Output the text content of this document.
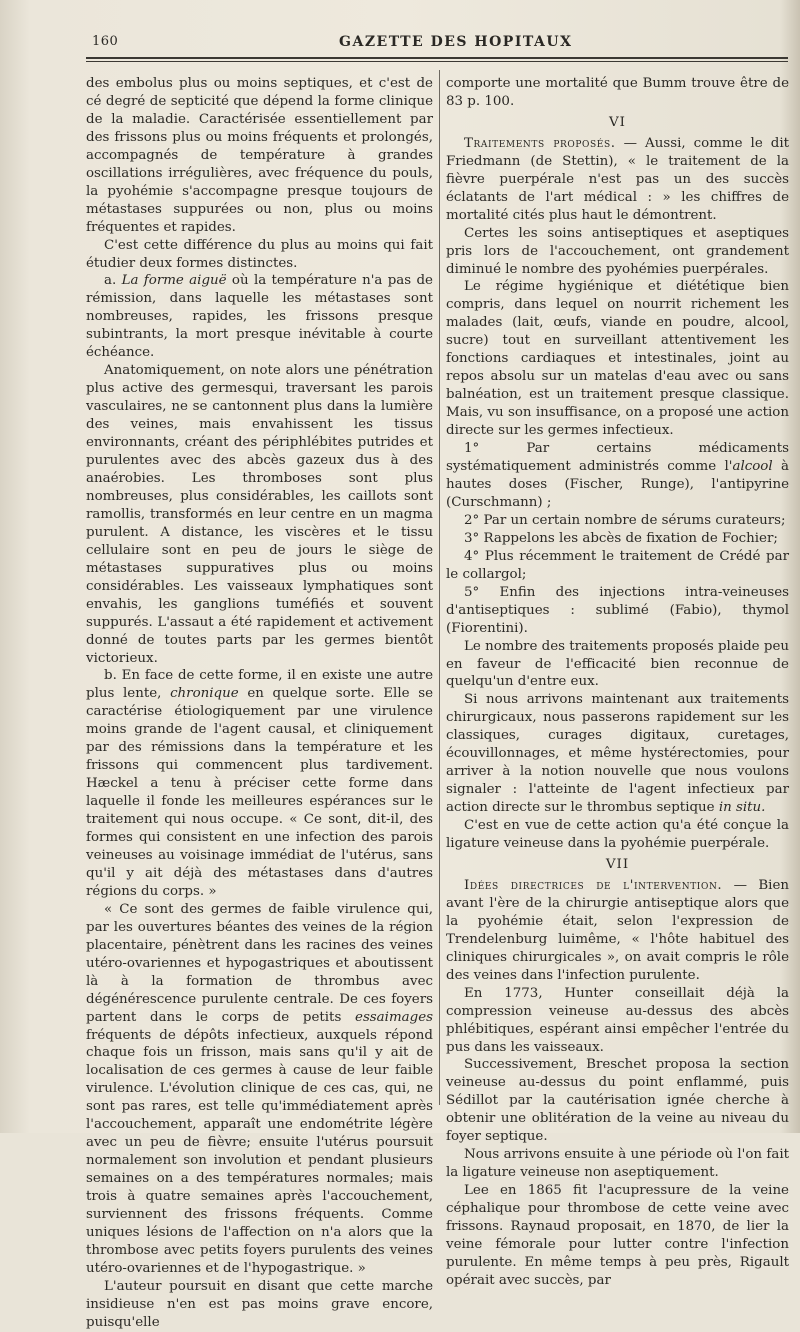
160	GAZETTE DES HOPITAUX

des embolus plus ou moins septiques, et c'est de cé degré de septicité que dépend la forme clinique de la maladie. Caractérisée essentiellement par des frissons plus ou moins fréquents et prolongés, accompagnés de température à grandes oscillations irrégulières, avec fréquence du pouls, la pyohémie s'accompagne presque toujours de métastases suppurées ou non, plus ou moins fréquentes et rapides.

C'est cette différence du plus au moins qui fait étudier deux formes distinctes.

a. La forme aiguë où la température n'a pas de rémission, dans laquelle les métastases sont nombreuses, rapides, les frissons presque subintrants, la mort presque inévitable à courte échéance.

Anatomiquement, on note alors une pénétration plus active des germesqui, traversant les parois vasculaires, ne se cantonnent plus dans la lumière des veines, mais envahissent les tissus environnants, créant des périphlébites putrides et purulentes avec des abcès gazeux dus à des anaérobies. Les thromboses sont plus nombreuses, plus considérables, les caillots sont ramollis, transformés en leur centre en un magma purulent. A distance, les viscères et le tissu cellulaire sont en peu de jours le siège de métastases suppuratives plus ou moins considérables. Les vaisseaux lymphatiques sont envahis, les ganglions tuméfiés et souvent suppurés. L'assaut a été rapidement et activement donné de toutes parts par les germes bientôt victorieux.

b. En face de cette forme, il en existe une autre plus lente, chronique en quelque sorte. Elle se caractérise étiologiquement par une virulence moins grande de l'agent causal, et cliniquement par des rémissions dans la température et les frissons qui commencent plus tardivement. Hæckel a tenu à préciser cette forme dans laquelle il fonde les meilleures espérances sur le traitement qui nous occupe. « Ce sont, dit-il, des formes qui consistent en une infection des parois veineuses au voisinage immédiat de l'utérus, sans qu'il y ait déjà des métastases dans d'autres régions du corps. »

« Ce sont des germes de faible virulence qui, par les ouvertures béantes des veines de la région placentaire, pénètrent dans les racines des veines utéro-ovariennes et hypogastriques et aboutissent là à la formation de thrombus avec dégénérescence purulente centrale. De ces foyers partent dans le corps de petits essaimages fréquents de dépôts infectieux, auxquels répond chaque fois un frisson, mais sans qu'il y ait de localisation de ces germes à cause de leur faible virulence. L'évolution clinique de ces cas, qui, ne sont pas rares, est telle qu'immédiatement après l'accouchement, apparaît une endométrite légère avec un peu de fièvre; ensuite l'utérus poursuit normalement son involution et pendant plusieurs semaines on a des températures normales; mais trois à quatre semaines après l'accouchement, surviennent des frissons fréquents. Comme uniques lésions de l'affection on n'a alors que la thrombose avec petits foyers purulents des veines utéro-ovariennes et de l'hypogastrique. »

L'auteur poursuit en disant que cette marche insidieuse n'en est pas moins grave encore, puisqu'elle

comporte une mortalité que Bumm trouve être de 83 p. 100.

VI

Traitements proposés. — Aussi, comme le dit Friedmann (de Stettin), « le traitement de la fièvre puerpérale n'est pas un des succès éclatants de l'art médical : » les chiffres de mortalité cités plus haut le démontrent.

Certes les soins antiseptiques et aseptiques pris lors de l'accouchement, ont grandement diminué le nombre des pyohémies puerpérales.

Le régime hygiénique et diététique bien compris, dans lequel on nourrit richement les malades (lait, œufs, viande en poudre, alcool, sucre) tout en surveillant attentivement les fonctions cardiaques et intestinales, joint au repos absolu sur un matelas d'eau avec ou sans balnéation, est un traitement presque classique. Mais, vu son insuffisance, on a proposé une action directe sur les germes infectieux.

1° Par certains médicaments systématiquement administrés comme l'alcool à hautes doses (Fischer, Runge), l'antipyrine (Curschmann) ;

2° Par un certain nombre de sérums curateurs;

3° Rappelons les abcès de fixation de Fochier;

4° Plus récemment le traitement de Crédé par le collargol;

5° Enfin des injections intra-veineuses d'antiseptiques : sublimé (Fabio), thymol (Fiorentini).

Le nombre des traitements proposés plaide peu en faveur de l'efficacité bien reconnue de quelqu'un d'entre eux.

Si nous arrivons maintenant aux traitements chirurgicaux, nous passerons rapidement sur les classiques, curages digitaux, curetages, écouvillonnages, et même hystérectomies, pour arriver à la notion nouvelle que nous voulons signaler : l'atteinte de l'agent infectieux par action directe sur le thrombus septique in situ.

C'est en vue de cette action qu'a été conçue la ligature veineuse dans la pyohémie puerpérale.

VII

Idées directrices de l'intervention. — Bien avant l'ère de la chirurgie antiseptique alors que la pyohémie était, selon l'expression de Trendelenburg luimême, « l'hôte habituel des cliniques chirurgicales », on avait compris le rôle des veines dans l'infection purulente.

En 1773, Hunter conseillait déjà la compression veineuse au-dessus des abcès phlébitiques, espérant ainsi empêcher l'entrée du pus dans les vaisseaux.

Successivement, Breschet proposa la section veineuse au-dessus du point enflammé, puis Sédillot par la cautérisation ignée cherche à obtenir une oblitération de la veine au niveau du foyer septique.

Nous arrivons ensuite à une période où l'on fait la ligature veineuse non aseptiquement.

Lee en 1865 fit l'acupressure de la veine céphalique pour thrombose de cette veine avec frissons. Raynaud proposait, en 1870, de lier la veine fémorale pour lutter contre l'infection purulente. En même temps à peu près, Rigault opérait avec succès, par
